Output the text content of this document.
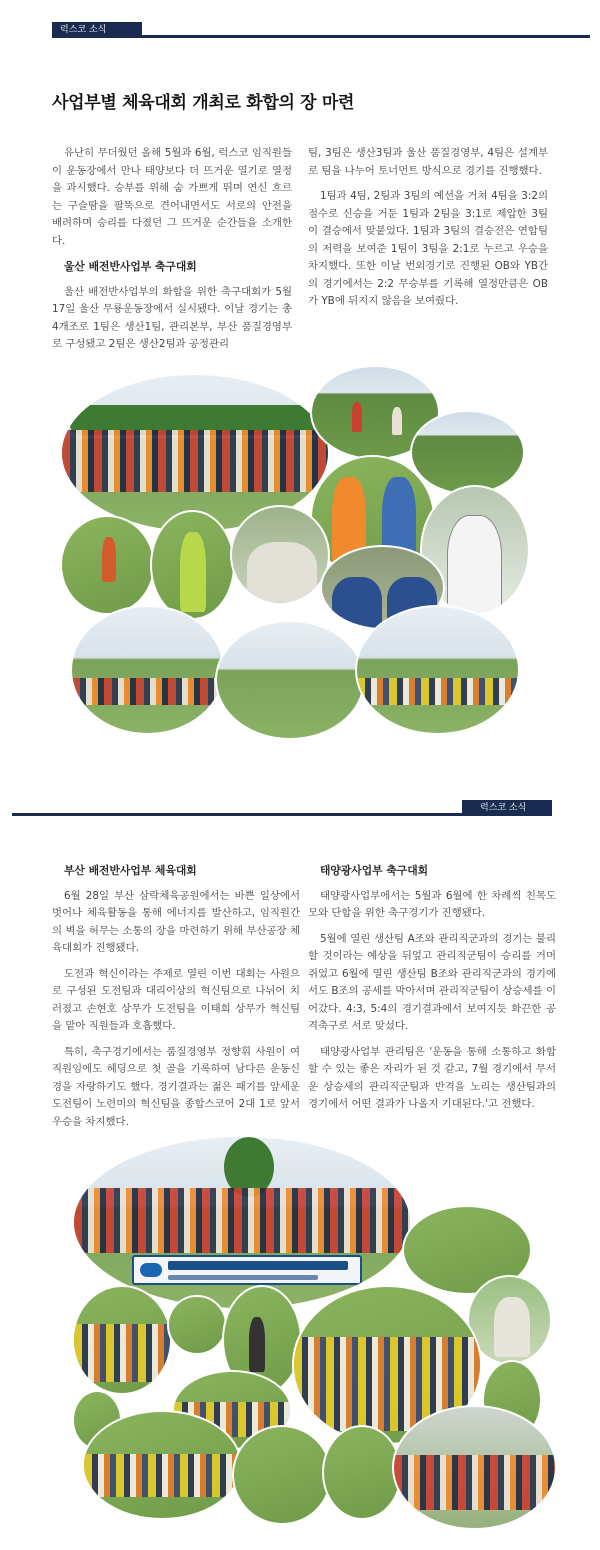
럭스코 소식
사업부별 체육대회 개최로 화합의 장 마련

유난히 무더웠던 올해 5월과 6월, 럭스코 임직원들이 운동장에서 만나 태양보다 더 뜨거운 열기로 열정을 과시했다. 승부를 위해 숨 가쁘게 뛰며 연신 흐르는 구슬땀을 팔뚝으로 견어내면서도 서로의 안전을 배려하며 승리를 다졌던 그 뜨거운 순간들을 소개한다.

울산 배전반사업부 축구대회

울산 배전반사업부의 화합을 위한 축구대회가 5월 17일 울산 무룡운동장에서 실시됐다. 이날 경기는 총 4개조로 1팀은 생산1팀, 관리본부, 부산 품질경영부로 구성됐고 2팀은 생산2팀과 공정관리

팀, 3팀은 생산3팀과 울산 품질경영부, 4팀은 설계부로 팀을 나누어 토너먼트 방식으로 경기를 진행했다.

1팀과 4팀, 2팀과 3팀의 예선을 거쳐 4팀을 3:2의 점수로 신승을 거둔 1팀과 2팀을 3:1로 제압한 3팀이 결승에서 맞붙었다. 1팀과 3팀의 결승전은 연합팀의 저력을 보여준 1팀이 3팀을 2:1로 누르고 우승을 차지했다. 또한 이날 번외경기로 진행된 OB와 YB간의 경기에서는 2:2 무승부를 기록해 열정만큼은 OB가 YB에 뒤지지 않음을 보여줬다.

럭스코 소식
부산 배전반사업부 체육대회

6월 28일 부산 삼락체육공원에서는 바쁜 일상에서 벗어나 체육활동을 통해 에너지를 발산하고, 임직원간의 벽을 허무는 소통의 장을 마련하기 위해 부산공장 체육대회가 진행됐다.

도전과 혁신이라는 주제로 열린 이번 대회는 사원으로 구성된 도전팀과 대리이상의 혁신팀으로 나뉘어 치러졌고 손현호 상무가 도전팀을 이태희 상무가 혁신팀을 맡아 직원들과 호흡했다.

특히, 축구경기에서는 품질경영부 정향휘 사원이 여직원임에도 헤딩으로 첫 골을 기록하여 남다른 운동신경을 자랑하기도 했다. 경기결과는 젊은 패기를 앞세운 도전팀이 노련미의 혁신팀을 종합스코어 2대 1로 앞서 우승을 차지했다.

태양광사업부 축구대회

태양광사업부에서는 5월과 6월에 한 차례씩 친목도모와 단합을 위한 축구경기가 진행됐다.

5월에 열린 생산팀 A조와 관리직군과의 경기는 불리할 것이라는 예상을 뒤엎고 관리직군팀이 승리를 거머쥐었고 6월에 열린 생산팀 B조와 관리직군과의 경기에서도 B조의 공세를 막아서며 관리직군팀이 상승세를 이어갔다. 4:3, 5:4의 경기결과에서 보여지듯 화끈한 공격축구로 서로 맞섰다.

태양광사업부 관리팀은 '운동을 통해 소통하고 화합할 수 있는 좋은 자리가 된 것 같고, 7월 경기에서 무서운 상승세의 관리직군팀과 반격을 노리는 생산팀과의 경기에서 어떤 결과가 나올지 기대된다.'고 전했다.
